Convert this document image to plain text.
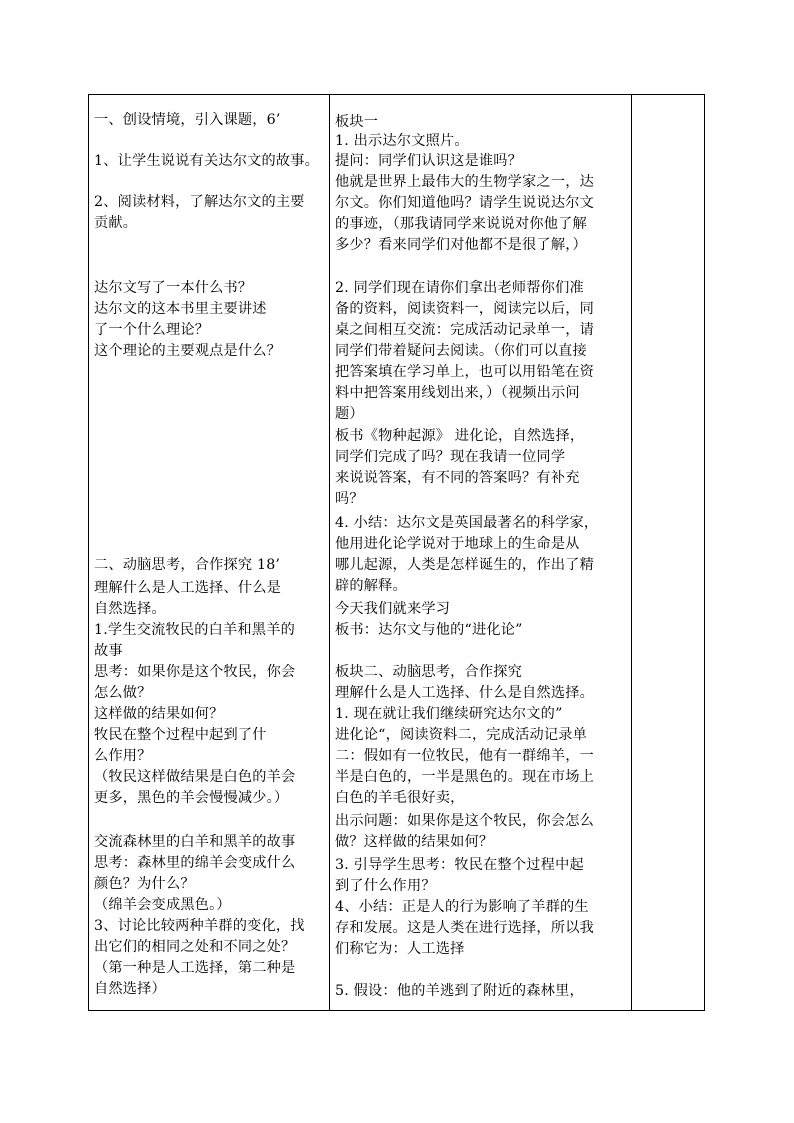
一、创设情境，引入课题，6’
1、让学生说说有关达尔文的故事。
2、阅读材料，了解达尔文的主要
贡献。
达尔文写了一本什么书？
达尔文的这本书里主要讲述
了一个什么理论？
这个理论的主要观点是什么？
二、动脑思考，合作探究 18’
理解什么是人工选择、什么是
自然选择。
1.学生交流牧民的白羊和黑羊的
故事
思考：如果你是这个牧民，你会
怎么做？
这样做的结果如何？
牧民在整个过程中起到了什
么作用？
（牧民这样做结果是白色的羊会
更多，黑色的羊会慢慢减少。）
交流森林里的白羊和黑羊的故事
思考：森林里的绵羊会变成什么
颜色？为什么？
（绵羊会变成黑色。）
3、讨论比较两种羊群的变化，找
出它们的相同之处和不同之处？
（第一种是人工选择，第二种是
自然选择）
板块一
1. 出示达尔文照片。
提问：同学们认识这是谁吗？
他就是世界上最伟大的生物学家之一，达
尔文。你们知道他吗？请学生说说达尔文
的事迹，（那我请同学来说说对你他了解
多少？看来同学们对他都不是很了解，）
2. 同学们现在请你们拿出老师帮你们准
备的资料，阅读资料一，阅读完以后，同
桌之间相互交流：完成活动记录单一，请
同学们带着疑问去阅读。（你们可以直接
把答案填在学习单上，也可以用铅笔在资
料中把答案用线划出来，）（视频出示问
题）
板书《物种起源》 进化论，自然选择，
同学们完成了吗？现在我请一位同学
来说说答案，有不同的答案吗？有补充
吗？
4. 小结：达尔文是英国最著名的科学家，
他用进化论学说对于地球上的生命是从
哪儿起源，人类是怎样诞生的，作出了精
辟的解释。
今天我们就来学习
板书：达尔文与他的“进化论”
板块二、动脑思考，合作探究
理解什么是人工选择、什么是自然选择。
1. 现在就让我们继续研究达尔文的”
进化论“，阅读资料二，完成活动记录单
二：假如有一位牧民，他有一群绵羊，一
半是白色的，一半是黑色的。现在市场上
白色的羊毛很好卖，
出示问题：如果你是这个牧民，你会怎么
做？这样做的结果如何？
3. 引导学生思考：牧民在整个过程中起
到了什么作用？
4、小结：正是人的行为影响了羊群的生
存和发展。这是人类在进行选择，所以我
们称它为：人工选择
5. 假设：他的羊逃到了附近的森林里，
